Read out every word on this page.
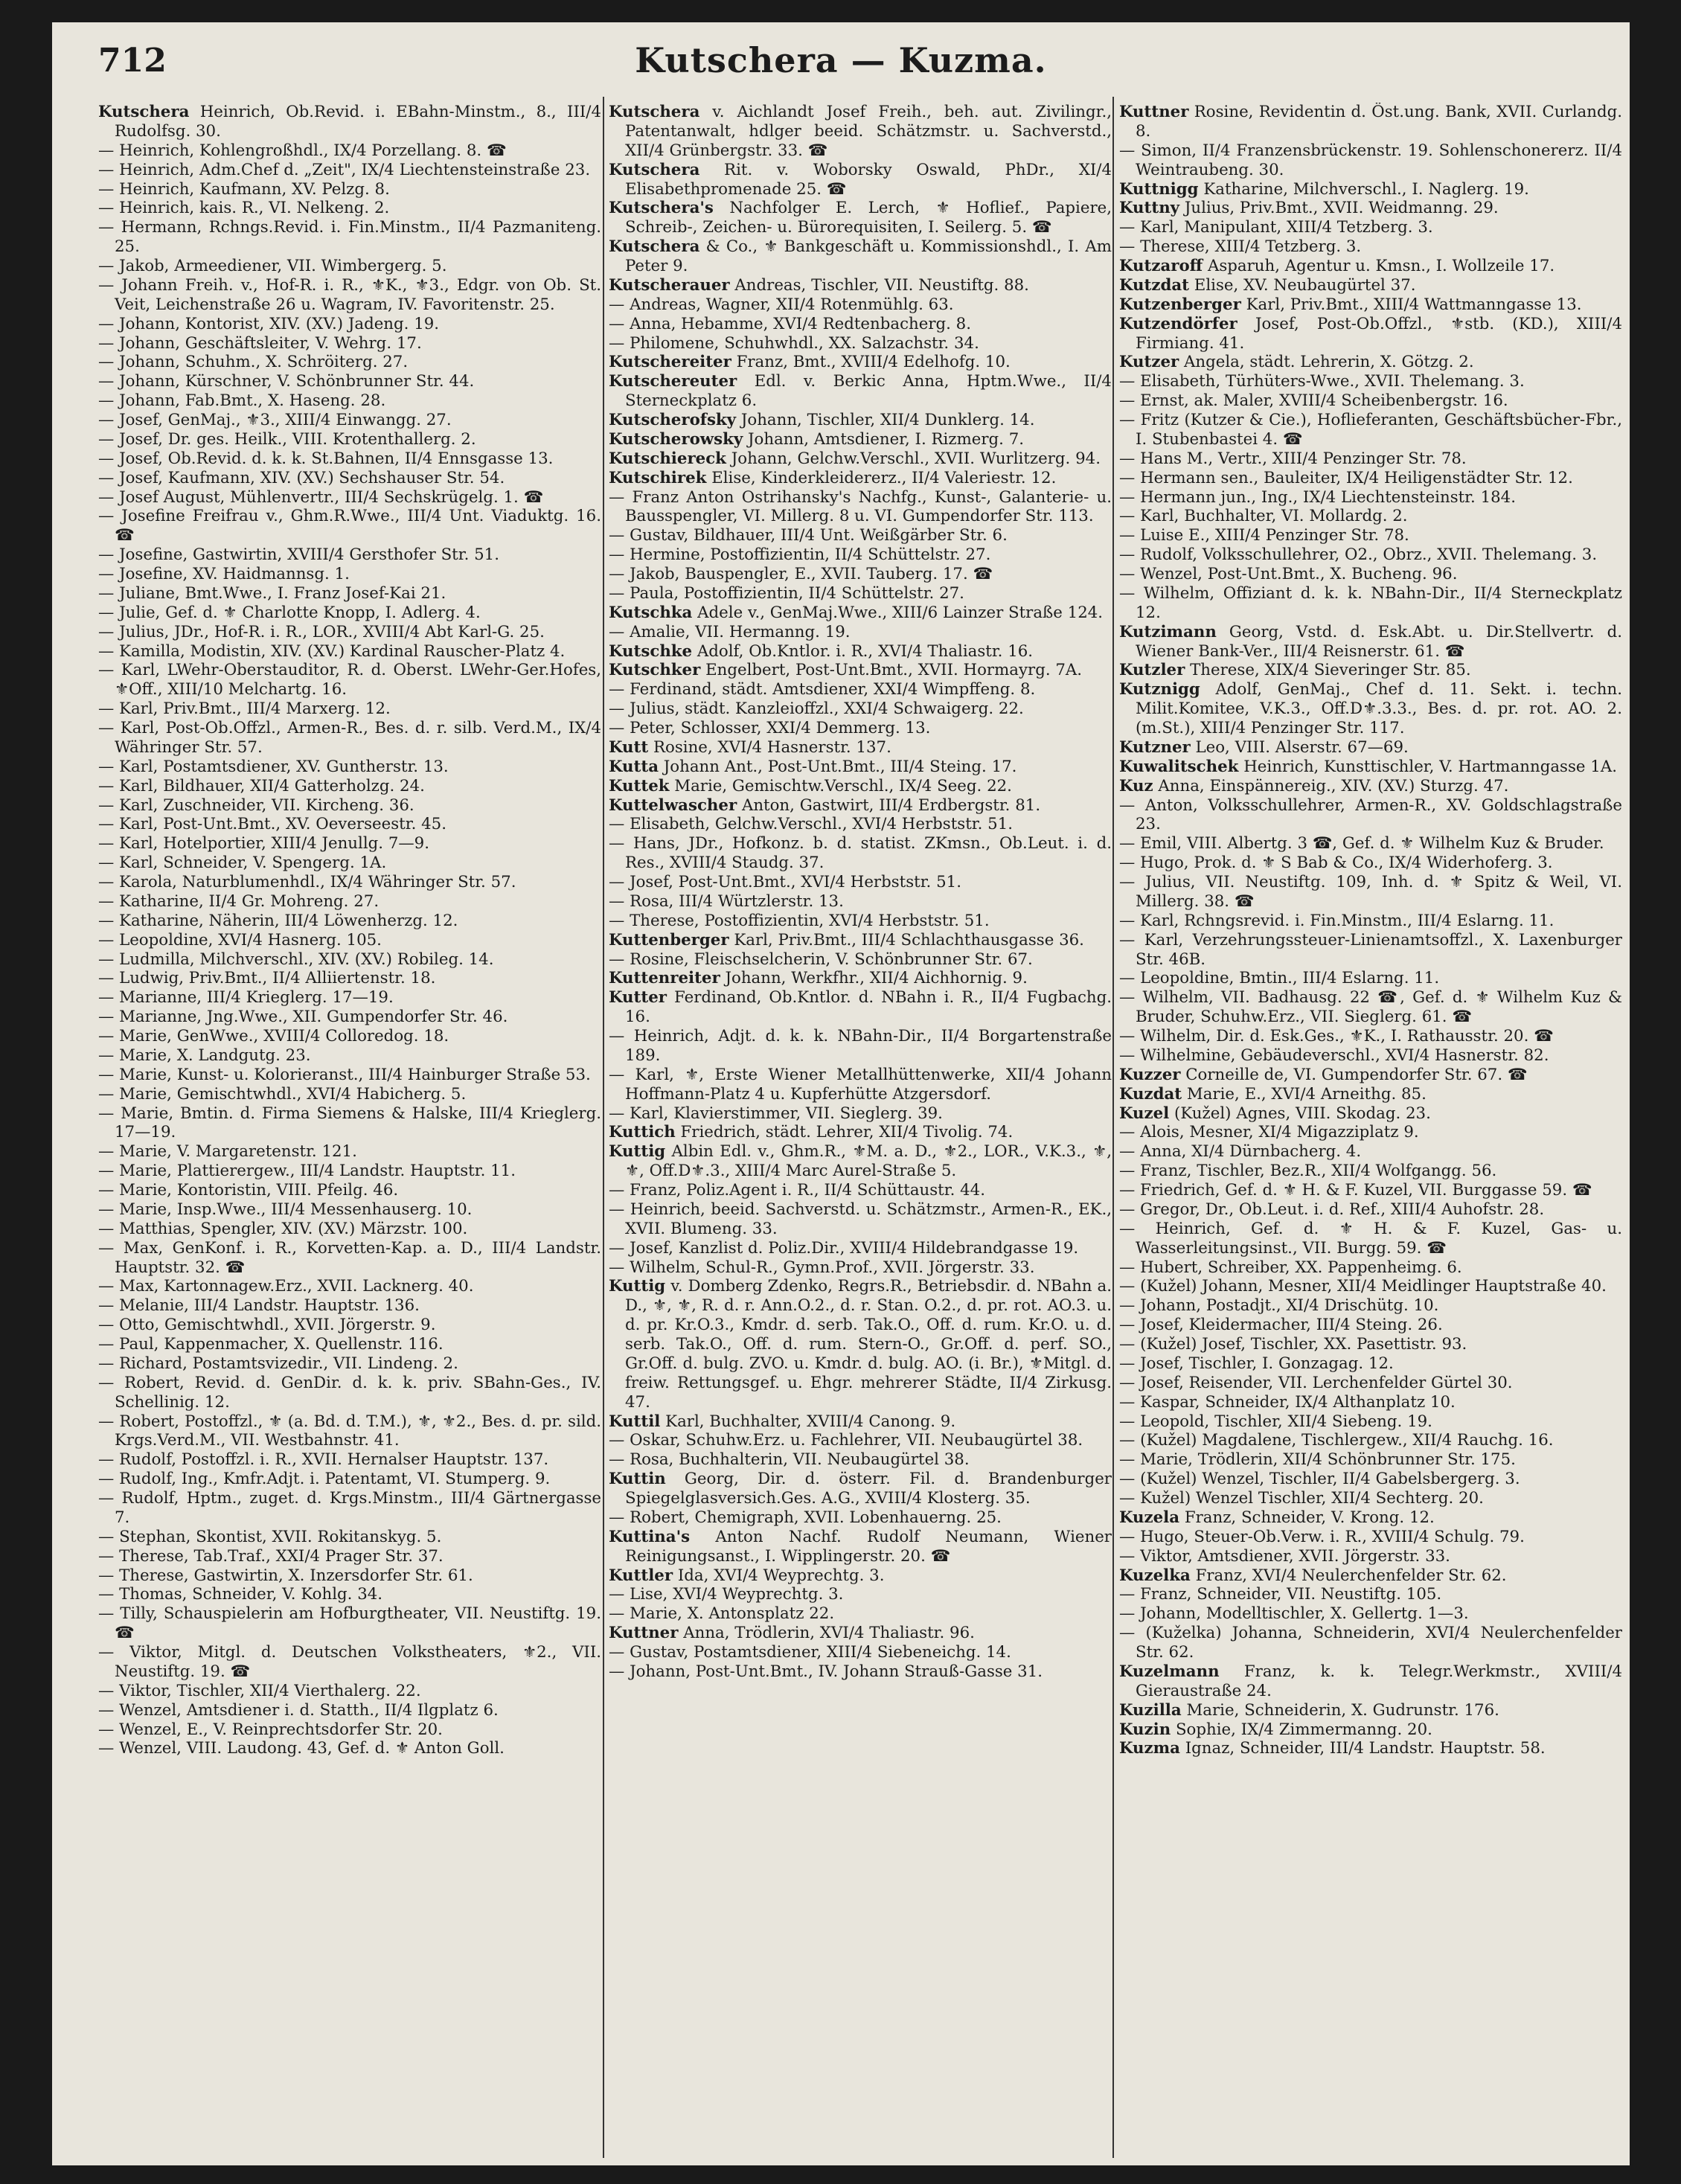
712	Kutschera — Kuzma.

Kutschera Heinrich, Ob.Revid. i. EBahn-Minstm., 8., III/4 Rudolfsg. 30.

— Heinrich, Kohlengroßhdl., IX/4 Porzellang. 8. ☎

— Heinrich, Adm.Chef d. „Zeit", IX/4 Liechtensteinstraße 23.

— Heinrich, Kaufmann, XV. Pelzg. 8.

— Heinrich, kais. R., VI. Nelkeng. 2.

— Hermann, Rchngs.Revid. i. Fin.Minstm., II/4 Pazmaniteng. 25.

— Jakob, Armeediener, VII. Wimbergerg. 5.

— Johann Freih. v., Hof-R. i. R., ⚜K., ⚜3., Edgr. von Ob. St. Veit, Leichenstraße 26 u. Wagram, IV. Favoritenstr. 25.

— Johann, Kontorist, XIV. (XV.) Jadeng. 19.

— Johann, Geschäftsleiter, V. Wehrg. 17.

— Johann, Schuhm., X. Schröiterg. 27.

— Johann, Kürschner, V. Schönbrunner Str. 44.

— Johann, Fab.Bmt., X. Haseng. 28.

— Josef, GenMaj., ⚜3., XIII/4 Einwangg. 27.

— Josef, Dr. ges. Heilk., VIII. Krotenthallerg. 2.

— Josef, Ob.Revid. d. k. k. St.Bahnen, II/4 Ennsgasse 13.

— Josef, Kaufmann, XIV. (XV.) Sechshauser Str. 54.

— Josef August, Mühlenvertr., III/4 Sechskrügelg. 1. ☎

— Josefine Freifrau v., Ghm.R.Wwe., III/4 Unt. Viaduktg. 16. ☎

— Josefine, Gastwirtin, XVIII/4 Gersthofer Str. 51.

— Josefine, XV. Haidmannsg. 1.

— Juliane, Bmt.Wwe., I. Franz Josef-Kai 21.

— Julie, Gef. d. ⚜ Charlotte Knopp, I. Adlerg. 4.

— Julius, JDr., Hof-R. i. R., LOR., XVIII/4 Abt Karl-G. 25.

— Kamilla, Modistin, XIV. (XV.) Kardinal Rauscher-Platz 4.

— Karl, LWehr-Oberstauditor, R. d. Oberst. LWehr-Ger.Hofes, ⚜Off., XIII/10 Melchartg. 16.

— Karl, Priv.Bmt., III/4 Marxerg. 12.

— Karl, Post-Ob.Offzl., Armen-R., Bes. d. r. silb. Verd.M., IX/4 Währinger Str. 57.

— Karl, Postamtsdiener, XV. Guntherstr. 13.

— Karl, Bildhauer, XII/4 Gatterholzg. 24.

— Karl, Zuschneider, VII. Kircheng. 36.

— Karl, Post-Unt.Bmt., XV. Oeverseestr. 45.

— Karl, Hotelportier, XIII/4 Jenullg. 7—9.

— Karl, Schneider, V. Spengerg. 1A.

— Karola, Naturblumenhdl., IX/4 Währinger Str. 57.

— Katharine, II/4 Gr. Mohreng. 27.

— Katharine, Näherin, III/4 Löwenherzg. 12.

— Leopoldine, XVI/4 Hasnerg. 105.

— Ludmilla, Milchverschl., XIV. (XV.) Robileg. 14.

— Ludwig, Priv.Bmt., II/4 Alliiertenstr. 18.

— Marianne, III/4 Krieglerg. 17—19.

— Marianne, Jng.Wwe., XII. Gumpendorfer Str. 46.

— Marie, GenWwe., XVIII/4 Colloredog. 18.

— Marie, X. Landgutg. 23.

— Marie, Kunst- u. Kolorieranst., III/4 Hainburger Straße 53.

— Marie, Gemischtwhdl., XVI/4 Habicherg. 5.

— Marie, Bmtin. d. Firma Siemens & Halske, III/4 Krieglerg. 17—19.

— Marie, V. Margaretenstr. 121.

— Marie, Plattierergew., III/4 Landstr. Hauptstr. 11.

— Marie, Kontoristin, VIII. Pfeilg. 46.

— Marie, Insp.Wwe., III/4 Messenhauserg. 10.

— Matthias, Spengler, XIV. (XV.) Märzstr. 100.

— Max, GenKonf. i. R., Korvetten-Kap. a. D., III/4 Landstr. Hauptstr. 32. ☎

— Max, Kartonnagew.Erz., XVII. Lacknerg. 40.

— Melanie, III/4 Landstr. Hauptstr. 136.

— Otto, Gemischtwhdl., XVII. Jörgerstr. 9.

— Paul, Kappenmacher, X. Quellenstr. 116.

— Richard, Postamtsvizedir., VII. Lindeng. 2.

— Robert, Revid. d. GenDir. d. k. k. priv. SBahn-Ges., IV. Schellinig. 12.

— Robert, Postoffzl., ⚜ (a. Bd. d. T.M.), ⚜, ⚜2., Bes. d. pr. sild. Krgs.Verd.M., VII. Westbahnstr. 41.

— Rudolf, Postoffzl. i. R., XVII. Hernalser Hauptstr. 137.

— Rudolf, Ing., Kmfr.Adjt. i. Patentamt, VI. Stumperg. 9.

— Rudolf, Hptm., zuget. d. Krgs.Minstm., III/4 Gärtnergasse 7.

— Stephan, Skontist, XVII. Rokitanskyg. 5.

— Therese, Tab.Traf., XXI/4 Prager Str. 37.

— Therese, Gastwirtin, X. Inzersdorfer Str. 61.

— Thomas, Schneider, V. Kohlg. 34.

— Tilly, Schauspielerin am Hofburgtheater, VII. Neustiftg. 19. ☎

— Viktor, Mitgl. d. Deutschen Volkstheaters, ⚜2., VII. Neustiftg. 19. ☎

— Viktor, Tischler, XII/4 Vierthalerg. 22.

— Wenzel, Amtsdiener i. d. Statth., II/4 Ilgplatz 6.

— Wenzel, E., V. Reinprechtsdorfer Str. 20.

— Wenzel, VIII. Laudong. 43, Gef. d. ⚜ Anton Goll.

Kutschera v. Aichlandt Josef Freih., beh. aut. Zivilingr., Patentanwalt, hdlger beeid. Schätzmstr. u. Sachverstd., XII/4 Grünbergstr. 33. ☎

Kutschera Rit. v. Woborsky Oswald, PhDr., XI/4 Elisabethpromenade 25. ☎

Kutschera's Nachfolger E. Lerch, ⚜ Hoflief., Papiere, Schreib-, Zeichen- u. Bürorequisiten, I. Seilerg. 5. ☎

Kutschera & Co., ⚜ Bankgeschäft u. Kommissionshdl., I. Am Peter 9.

Kutscherauer Andreas, Tischler, VII. Neustiftg. 88.

— Andreas, Wagner, XII/4 Rotenmühlg. 63.

— Anna, Hebamme, XVI/4 Redtenbacherg. 8.

— Philomene, Schuhwhdl., XX. Salzachstr. 34.

Kutschereiter Franz, Bmt., XVIII/4 Edelhofg. 10.

Kutschereuter Edl. v. Berkic Anna, Hptm.Wwe., II/4 Sterneckplatz 6.

Kutscherofsky Johann, Tischler, XII/4 Dunklerg. 14.

Kutscherowsky Johann, Amtsdiener, I. Rizmerg. 7.

Kutschiereck Johann, Gelchw.Verschl., XVII. Wurlitzerg. 94.

Kutschirek Elise, Kinderkleidererz., II/4 Valeriestr. 12.

— Franz Anton Ostrihansky's Nachfg., Kunst-, Galanterie- u. Bausspengler, VI. Millerg. 8 u. VI. Gumpendorfer Str. 113.

— Gustav, Bildhauer, III/4 Unt. Weißgärber Str. 6.

— Hermine, Postoffizientin, II/4 Schüttelstr. 27.

— Jakob, Bauspengler, E., XVII. Tauberg. 17. ☎

— Paula, Postoffizientin, II/4 Schüttelstr. 27.

Kutschka Adele v., GenMaj.Wwe., XIII/6 Lainzer Straße 124.

— Amalie, VII. Hermanng. 19.

Kutschke Adolf, Ob.Kntlor. i. R., XVI/4 Thaliastr. 16.

Kutschker Engelbert, Post-Unt.Bmt., XVII. Hormayrg. 7A.

— Ferdinand, städt. Amtsdiener, XXI/4 Wimpffeng. 8.

— Julius, städt. Kanzleioffzl., XXI/4 Schwaigerg. 22.

— Peter, Schlosser, XXI/4 Demmerg. 13.

Kutt Rosine, XVI/4 Hasnerstr. 137.

Kutta Johann Ant., Post-Unt.Bmt., III/4 Steing. 17.

Kuttek Marie, Gemischtw.Verschl., IX/4 Seeg. 22.

Kuttelwascher Anton, Gastwirt, III/4 Erdbergstr. 81.

— Elisabeth, Gelchw.Verschl., XVI/4 Herbststr. 51.

— Hans, JDr., Hofkonz. b. d. statist. ZKmsn., Ob.Leut. i. d. Res., XVIII/4 Staudg. 37.

— Josef, Post-Unt.Bmt., XVI/4 Herbststr. 51.

— Rosa, III/4 Würtzlerstr. 13.

— Therese, Postoffizientin, XVI/4 Herbststr. 51.

Kuttenberger Karl, Priv.Bmt., III/4 Schlachthausgasse 36.

— Rosine, Fleischselcherin, V. Schönbrunner Str. 67.

Kuttenreiter Johann, Werkfhr., XII/4 Aichhornig. 9.

Kutter Ferdinand, Ob.Kntlor. d. NBahn i. R., II/4 Fugbachg. 16.

— Heinrich, Adjt. d. k. k. NBahn-Dir., II/4 Borgartenstraße 189.

— Karl, ⚜, Erste Wiener Metallhüttenwerke, XII/4 Johann Hoffmann-Platz 4 u. Kupferhütte Atzgersdorf.

— Karl, Klavierstimmer, VII. Sieglerg. 39.

Kuttich Friedrich, städt. Lehrer, XII/4 Tivolig. 74.

Kuttig Albin Edl. v., Ghm.R., ⚜M. a. D., ⚜2., LOR., V.K.3., ⚜, ⚜, Off.D⚜.3., XIII/4 Marc Aurel-Straße 5.

— Franz, Poliz.Agent i. R., II/4 Schüttaustr. 44.

— Heinrich, beeid. Sachverstd. u. Schätzmstr., Armen-R., EK., XVII. Blumeng. 33.

— Josef, Kanzlist d. Poliz.Dir., XVIII/4 Hildebrandgasse 19.

— Wilhelm, Schul-R., Gymn.Prof., XVII. Jörgerstr. 33.

Kuttig v. Domberg Zdenko, Regrs.R., Betriebsdir. d. NBahn a. D., ⚜, ⚜, R. d. r. Ann.O.2., d. r. Stan. O.2., d. pr. rot. AO.3. u. d. pr. Kr.O.3., Kmdr. d. serb. Tak.O., Off. d. rum. Kr.O. u. d. serb. Tak.O., Off. d. rum. Stern-O., Gr.Off. d. perf. SO., Gr.Off. d. bulg. ZVO. u. Kmdr. d. bulg. AO. (i. Br.), ⚜Mitgl. d. freiw. Rettungsgef. u. Ehgr. mehrerer Städte, II/4 Zirkusg. 47.

Kuttil Karl, Buchhalter, XVIII/4 Canong. 9.

— Oskar, Schuhw.Erz. u. Fachlehrer, VII. Neubaugürtel 38.

— Rosa, Buchhalterin, VII. Neubaugürtel 38.

Kuttin Georg, Dir. d. österr. Fil. d. Brandenburger Spiegelglasversich.Ges. A.G., XVIII/4 Klosterg. 35.

— Robert, Chemigraph, XVII. Lobenhauerng. 25.

Kuttina's Anton Nachf. Rudolf Neumann, Wiener Reinigungsanst., I. Wipplingerstr. 20. ☎

Kuttler Ida, XVI/4 Weyprechtg. 3.

— Lise, XVI/4 Weyprechtg. 3.

— Marie, X. Antonsplatz 22.

Kuttner Anna, Trödlerin, XVI/4 Thaliastr. 96.

— Gustav, Postamtsdiener, XIII/4 Siebeneichg. 14.

— Johann, Post-Unt.Bmt., IV. Johann Strauß-Gasse 31.

Kuttner Rosine, Revidentin d. Öst.ung. Bank, XVII. Curlandg. 8.

— Simon, II/4 Franzensbrückenstr. 19. Sohlenschonererz. II/4 Weintraubeng. 30.

Kuttnigg Katharine, Milchverschl., I. Naglerg. 19.

Kuttny Julius, Priv.Bmt., XVII. Weidmanng. 29.

— Karl, Manipulant, XIII/4 Tetzberg. 3.

— Therese, XIII/4 Tetzberg. 3.

Kutzaroff Asparuh, Agentur u. Kmsn., I. Wollzeile 17.

Kutzdat Elise, XV. Neubaugürtel 37.

Kutzenberger Karl, Priv.Bmt., XIII/4 Wattmanngasse 13.

Kutzendörfer Josef, Post-Ob.Offzl., ⚜stb. (KD.), XIII/4 Firmiang. 41.

Kutzer Angela, städt. Lehrerin, X. Götzg. 2.

— Elisabeth, Türhüters-Wwe., XVII. Thelemang. 3.

— Ernst, ak. Maler, XVIII/4 Scheibenbergstr. 16.

— Fritz (Kutzer & Cie.), Hoflieferanten, Geschäftsbücher-Fbr., I. Stubenbastei 4. ☎

— Hans M., Vertr., XIII/4 Penzinger Str. 78.

— Hermann sen., Bauleiter, IX/4 Heiligenstädter Str. 12.

— Hermann jun., Ing., IX/4 Liechtensteinstr. 184.

— Karl, Buchhalter, VI. Mollardg. 2.

— Luise E., XIII/4 Penzinger Str. 78.

— Rudolf, Volksschullehrer, O2., Obrz., XVII. Thelemang. 3.

— Wenzel, Post-Unt.Bmt., X. Bucheng. 96.

— Wilhelm, Offiziant d. k. k. NBahn-Dir., II/4 Sterneckplatz 12.

Kutzimann Georg, Vstd. d. Esk.Abt. u. Dir.Stellvertr. d. Wiener Bank-Ver., III/4 Reisnerstr. 61. ☎

Kutzler Therese, XIX/4 Sieveringer Str. 85.

Kutznigg Adolf, GenMaj., Chef d. 11. Sekt. i. techn. Milit.Komitee, V.K.3., Off.D⚜.3.3., Bes. d. pr. rot. AO. 2. (m.St.), XIII/4 Penzinger Str. 117.

Kutzner Leo, VIII. Alserstr. 67—69.

Kuwalitschek Heinrich, Kunsttischler, V. Hartmanngasse 1A.

Kuz Anna, Einspännereig., XIV. (XV.) Sturzg. 47.

— Anton, Volksschullehrer, Armen-R., XV. Goldschlagstraße 23.

— Emil, VIII. Albertg. 3 ☎, Gef. d. ⚜ Wilhelm Kuz & Bruder.

— Hugo, Prok. d. ⚜ S Bab & Co., IX/4 Widerhoferg. 3.

— Julius, VII. Neustiftg. 109, Inh. d. ⚜ Spitz & Weil, VI. Millerg. 38. ☎

— Karl, Rchngsrevid. i. Fin.Minstm., III/4 Eslarng. 11.

— Karl, Verzehrungssteuer-Linienamtsoffzl., X. Laxenburger Str. 46B.

— Leopoldine, Bmtin., III/4 Eslarng. 11.

— Wilhelm, VII. Badhausg. 22 ☎, Gef. d. ⚜ Wilhelm Kuz & Bruder, Schuhw.Erz., VII. Sieglerg. 61. ☎

— Wilhelm, Dir. d. Esk.Ges., ⚜K., I. Rathausstr. 20. ☎

— Wilhelmine, Gebäudeverschl., XVI/4 Hasnerstr. 82.

Kuzzer Corneille de, VI. Gumpendorfer Str. 67. ☎

Kuzdat Marie, E., XVI/4 Arneithg. 85.

Kuzel (Kužel) Agnes, VIII. Skodag. 23.

— Alois, Mesner, XI/4 Migazziplatz 9.

— Anna, XI/4 Dürnbacherg. 4.

— Franz, Tischler, Bez.R., XII/4 Wolfgangg. 56.

— Friedrich, Gef. d. ⚜ H. & F. Kuzel, VII. Burggasse 59. ☎

— Gregor, Dr., Ob.Leut. i. d. Ref., XIII/4 Auhofstr. 28.

— Heinrich, Gef. d. ⚜ H. & F. Kuzel, Gas- u. Wasserleitungsinst., VII. Burgg. 59. ☎

— Hubert, Schreiber, XX. Pappenheimg. 6.

— (Kužel) Johann, Mesner, XII/4 Meidlinger Hauptstraße 40.

— Johann, Postadjt., XI/4 Drischütg. 10.

— Josef, Kleidermacher, III/4 Steing. 26.

— (Kužel) Josef, Tischler, XX. Pasettistr. 93.

— Josef, Tischler, I. Gonzagag. 12.

— Josef, Reisender, VII. Lerchenfelder Gürtel 30.

— Kaspar, Schneider, IX/4 Althanplatz 10.

— Leopold, Tischler, XII/4 Siebeng. 19.

— (Kužel) Magdalene, Tischlergew., XII/4 Rauchg. 16.

— Marie, Trödlerin, XII/4 Schönbrunner Str. 175.

— (Kužel) Wenzel, Tischler, II/4 Gabelsbergerg. 3.

— Kužel) Wenzel Tischler, XII/4 Sechterg. 20.

Kuzela Franz, Schneider, V. Krong. 12.

— Hugo, Steuer-Ob.Verw. i. R., XVIII/4 Schulg. 79.

— Viktor, Amtsdiener, XVII. Jörgerstr. 33.

Kuzelka Franz, XVI/4 Neulerchenfelder Str. 62.

— Franz, Schneider, VII. Neustiftg. 105.

— Johann, Modelltischler, X. Gellertg. 1—3.

— (Kuželka) Johanna, Schneiderin, XVI/4 Neulerchenfelder Str. 62.

Kuzelmann Franz, k. k. Telegr.Werkmstr., XVIII/4 Gieraustraße 24.

Kuzilla Marie, Schneiderin, X. Gudrunstr. 176.

Kuzin Sophie, IX/4 Zimmermanng. 20.

Kuzma Ignaz, Schneider, III/4 Landstr. Hauptstr. 58.
